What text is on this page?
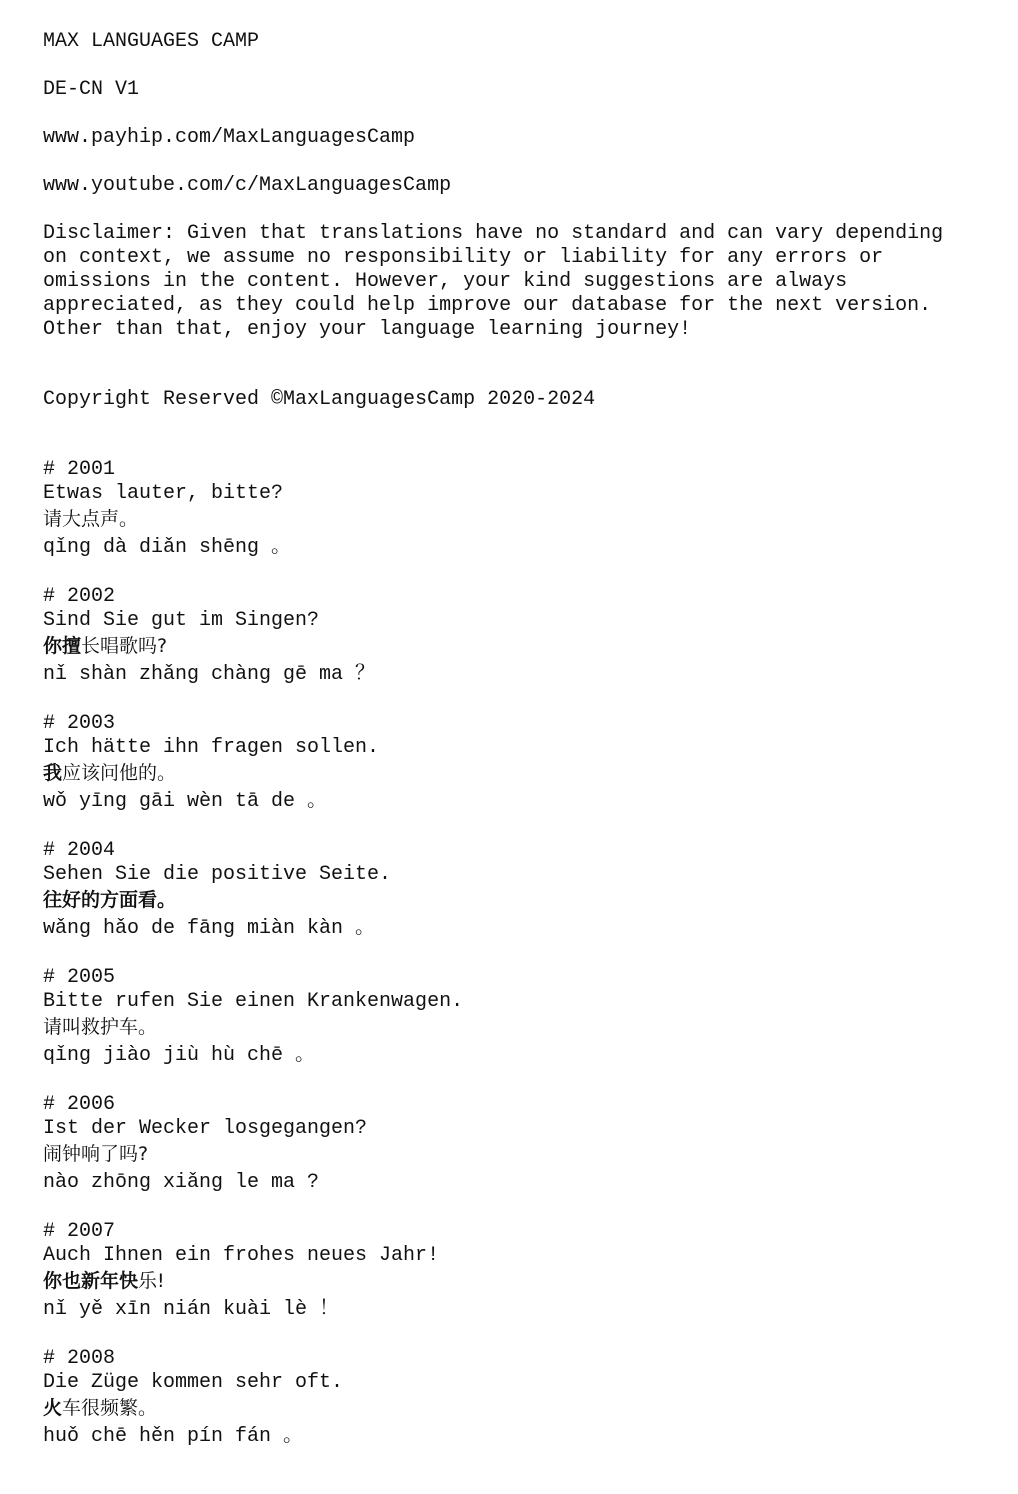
MAX LANGUAGES CAMP
DE-CN V1
www.payhip.com/MaxLanguagesCamp
www.youtube.com/c/MaxLanguagesCamp
Disclaimer: Given that translations have no standard and can vary depending on context, we assume no responsibility or liability for any errors or omissions in the content. However, your kind suggestions are always appreciated, as they could help improve our database for the next version. Other than that, enjoy your language learning journey!
Copyright Reserved ©MaxLanguagesCamp 2020-2024
# 2001
Etwas lauter, bitte?
请大点声。
qǐng dà diǎn shēng 。
# 2002
Sind Sie gut im Singen?
你擅长唱歌吗?
nǐ shàn zhǎng chàng gē ma ？
# 2003
Ich hätte ihn fragen sollen.
我应该问他的。
wǒ yīng gāi wèn tā de 。
# 2004
Sehen Sie die positive Seite.
往好的方面看。
wǎng hǎo de fāng miàn kàn 。
# 2005
Bitte rufen Sie einen Krankenwagen.
请叫救护车。
qǐng jiào jiù hù chē 。
# 2006
Ist der Wecker losgegangen?
闹钟响了吗?
nào zhōng xiǎng le ma ?
# 2007
Auch Ihnen ein frohes neues Jahr!
你也新年快乐!
nǐ yě xīn nián kuài lè ！
# 2008
Die Züge kommen sehr oft.
火车很频繁。
huǒ chē hěn pín fán 。
